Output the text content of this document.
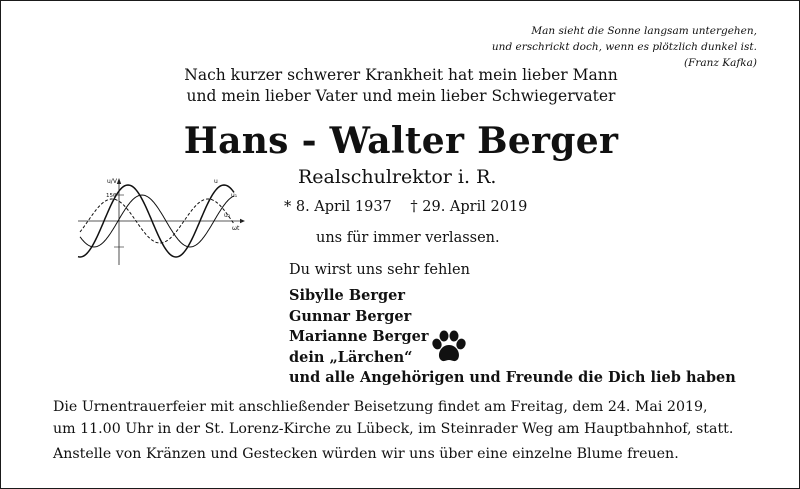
Man sieht die Sonne langsam untergehen,
und erschrickt doch, wenn es plötzlich dunkel ist.
(Franz Kafka)
Nach kurzer schwerer Krankheit hat mein lieber Mann
und mein lieber Vater und mein lieber Schwiegervater
Hans - Walter Berger
Realschulrektor i. R.
* 8. April 1937 † 29. April 2019
u/V
150
u
u₁
u₂
ωt
uns für immer verlassen.
Du wirst uns sehr fehlen
Sibylle Berger
Gunnar Berger
Marianne Berger
dein „Lärchen“
und alle Angehörigen und Freunde die Dich lieb haben
Die Urnentrauerfeier mit anschließender Beisetzung findet am Freitag, dem 24. Mai 2019,
um 11.00 Uhr in der St. Lorenz-Kirche zu Lübeck, im Steinrader Weg am Hauptbahnhof, statt.
Anstelle von Kränzen und Gestecken würden wir uns über eine einzelne Blume freuen.
